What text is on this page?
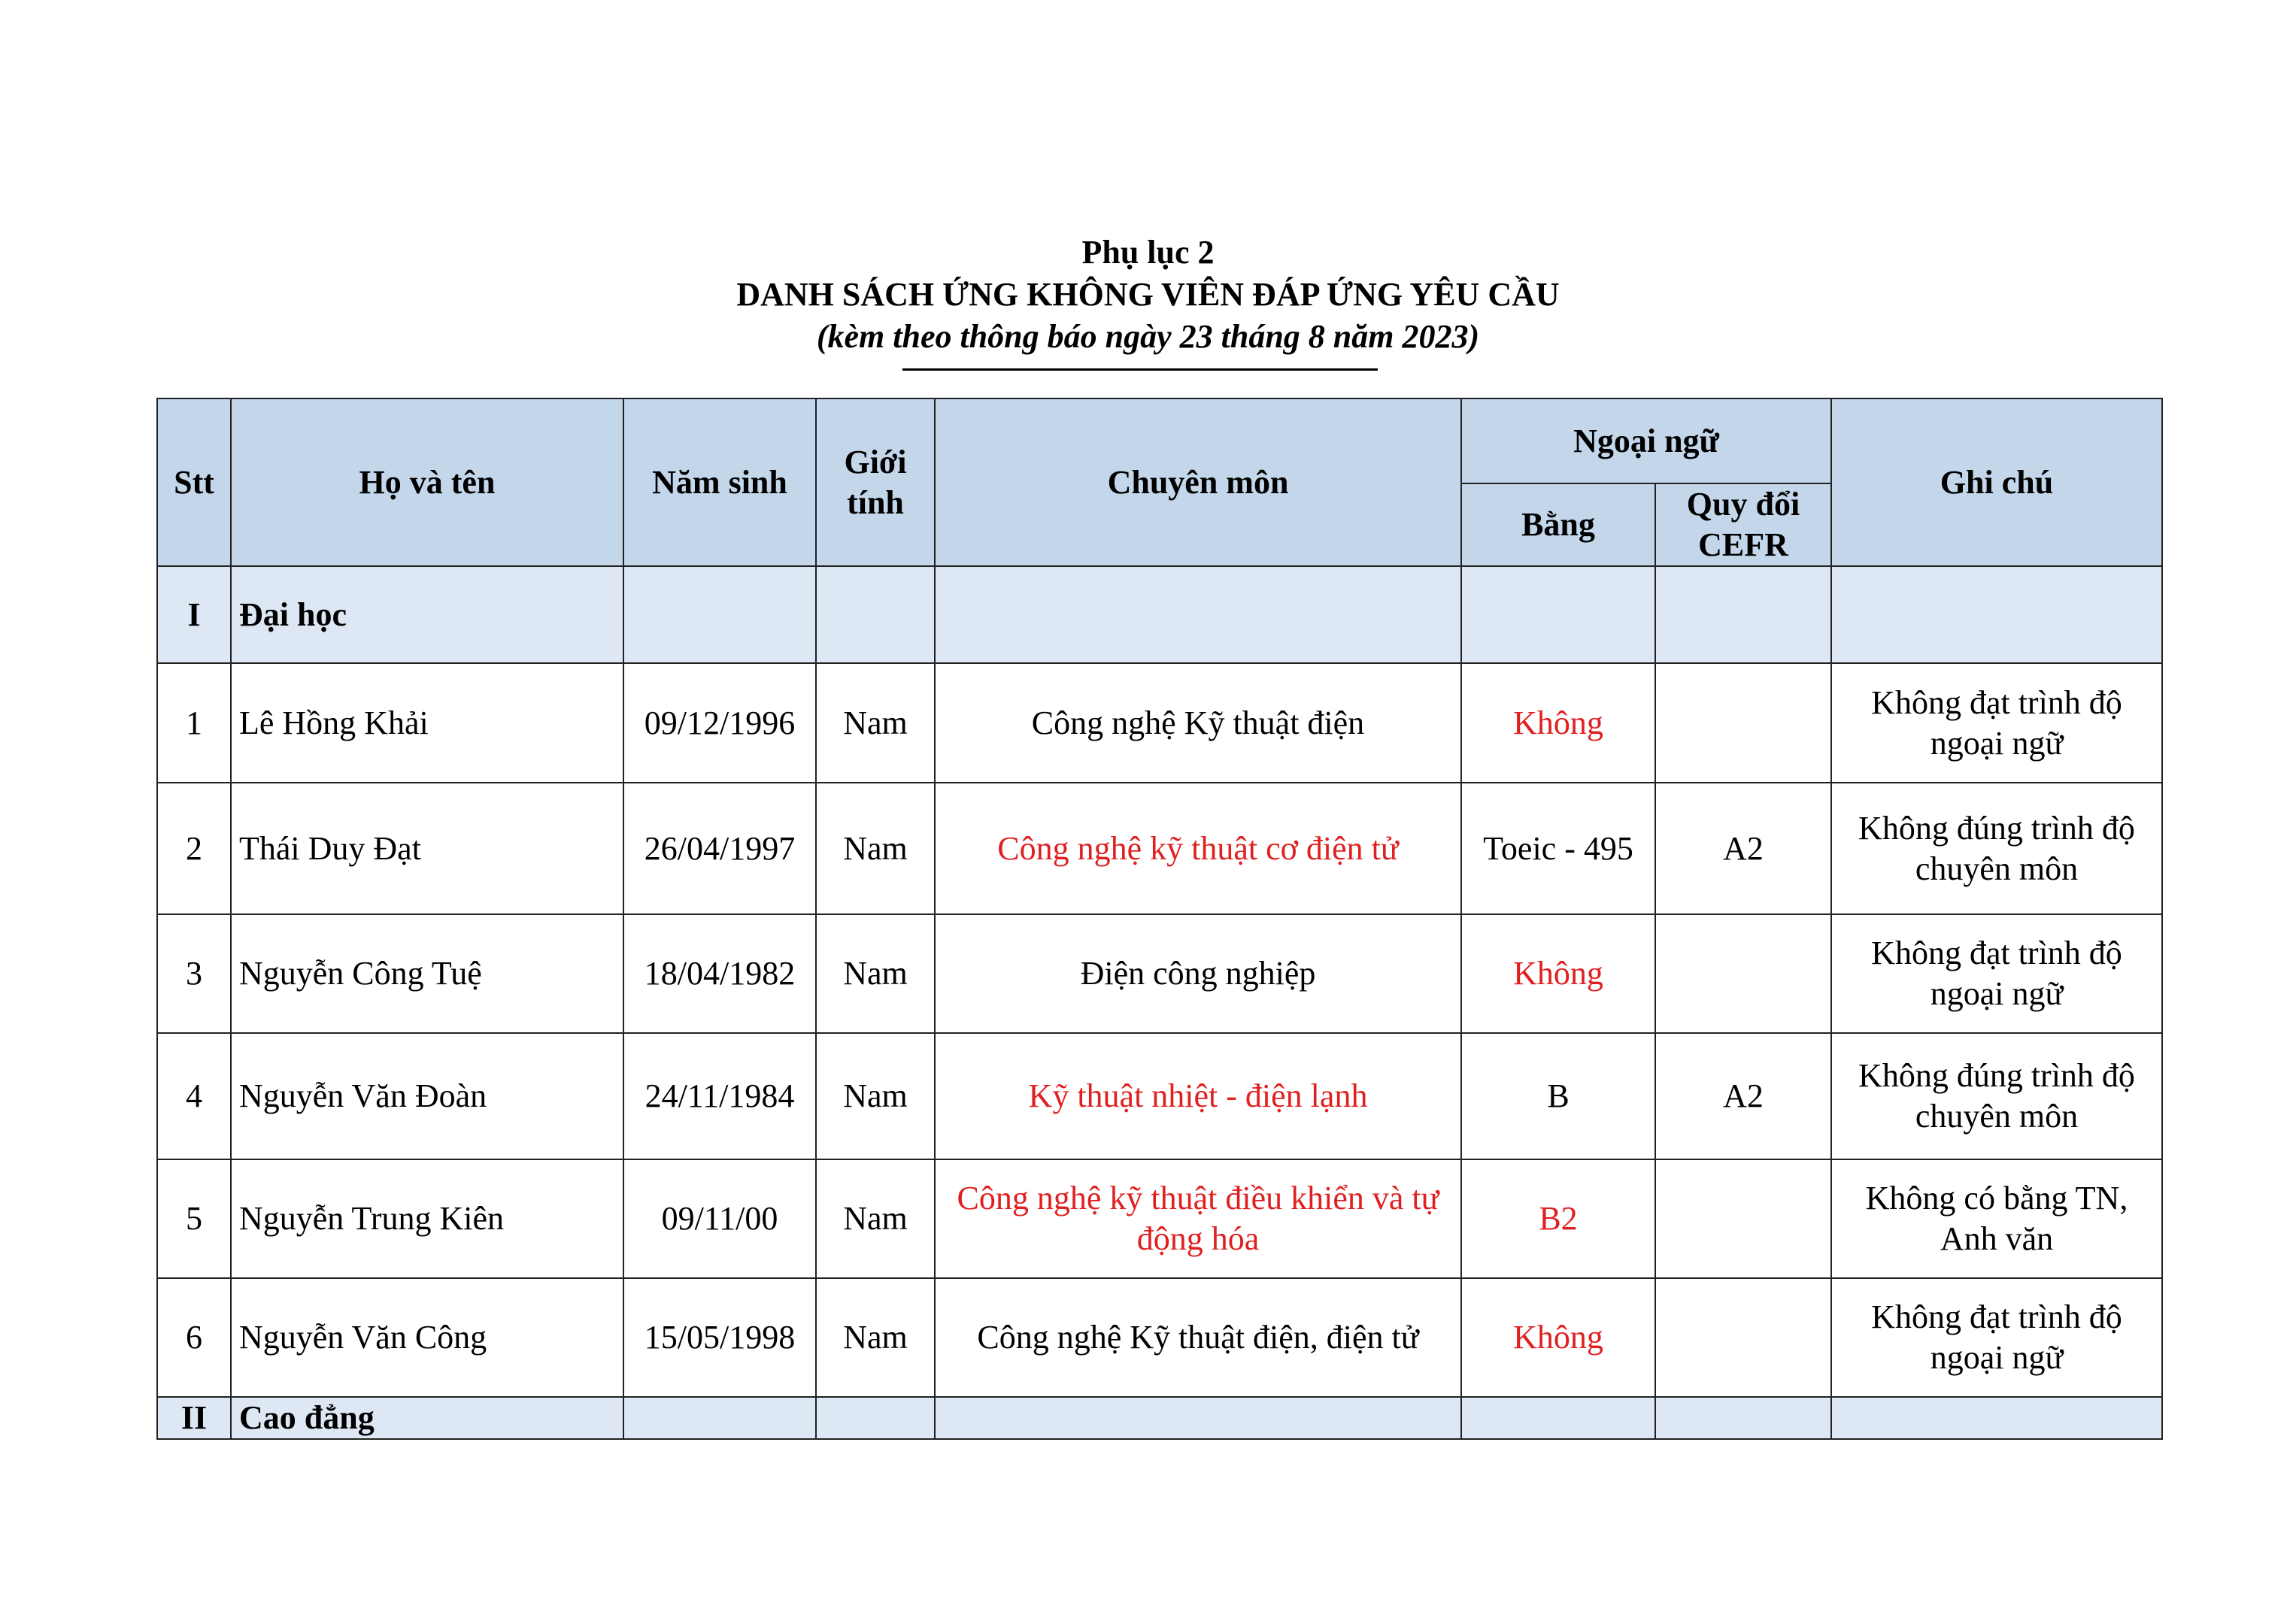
Phụ lục 2
DANH SÁCH ỨNG KHÔNG VIÊN ĐÁP ỨNG YÊU CẦU
(kèm theo thông báo ngày 23 tháng 8 năm 2023)
Stt	Họ và tên	Năm sinh	Giới tính	Chuyên môn	Ngoại ngữ		Ghi chú
					Bằng	Quy đổi CEFR	
I	Đại học						
1	Lê Hồng Khải	09/12/1996	Nam	Công nghệ Kỹ thuật điện	Không		Không đạt trình độ ngoại ngữ
2	Thái Duy Đạt	26/04/1997	Nam	Công nghệ kỹ thuật cơ điện tử	Toeic - 495	A2	Không đúng trình độ chuyên môn
3	Nguyễn Công Tuệ	18/04/1982	Nam	Điện công nghiệp	Không		Không đạt trình độ ngoại ngữ
4	Nguyễn Văn Đoàn	24/11/1984	Nam	Kỹ thuật nhiệt - điện lạnh	B	A2	Không đúng trình độ chuyên môn
5	Nguyễn Trung Kiên	09/11/00	Nam	Công nghệ kỹ thuật điều khiển và tự động hóa	B2		Không có bằng TN, Anh văn
6	Nguyễn Văn Công	15/05/1998	Nam	Công nghệ Kỹ thuật điện, điện tử	Không		Không đạt trình độ ngoại ngữ
II	Cao đẳng						
